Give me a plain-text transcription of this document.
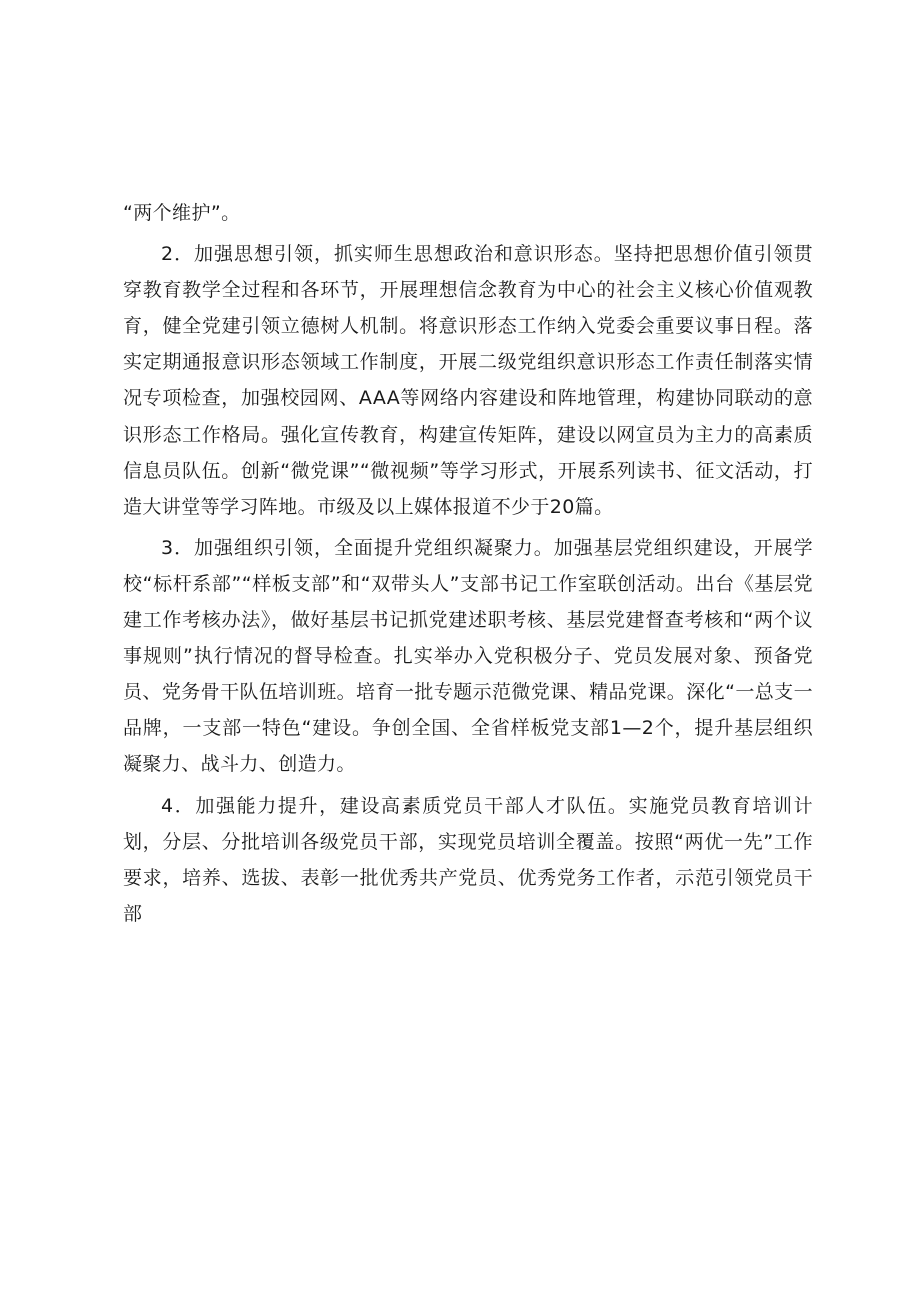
“两个维护”。

2．加强思想引领，抓实师生思想政治和意识形态。坚持把思想价值引领贯穿教育教学全过程和各环节，开展理想信念教育为中心的社会主义核心价值观教育，健全党建引领立德树人机制。将意识形态工作纳入党委会重要议事日程。落实定期通报意识形态领域工作制度，开展二级党组织意识形态工作责任制落实情况专项检查，加强校园网、AAA等网络内容建设和阵地管理，构建协同联动的意识形态工作格局。强化宣传教育，构建宣传矩阵，建设以网宣员为主力的高素质信息员队伍。创新“微党课”“微视频”等学习形式，开展系列读书、征文活动，打造大讲堂等学习阵地。市级及以上媒体报道不少于20篇。

3．加强组织引领，全面提升党组织凝聚力。加强基层党组织建设，开展学校“标杆系部”“样板支部”和“双带头人”支部书记工作室联创活动。出台《基层党建工作考核办法》，做好基层书记抓党建述职考核、基层党建督查考核和“两个议事规则”执行情况的督导检查。扎实举办入党积极分子、党员发展对象、预备党员、党务骨干队伍培训班。培育一批专题示范微党课、精品党课。深化“一总支一品牌，一支部一特色“建设。争创全国、全省样板党支部1—2个，提升基层组织凝聚力、战斗力、创造力。

4．加强能力提升，建设高素质党员干部人才队伍。实施党员教育培训计划，分层、分批培训各级党员干部，实现党员培训全覆盖。按照“两优一先”工作要求，培养、选拔、表彰一批优秀共产党员、优秀党务工作者，示范引领党员干部
